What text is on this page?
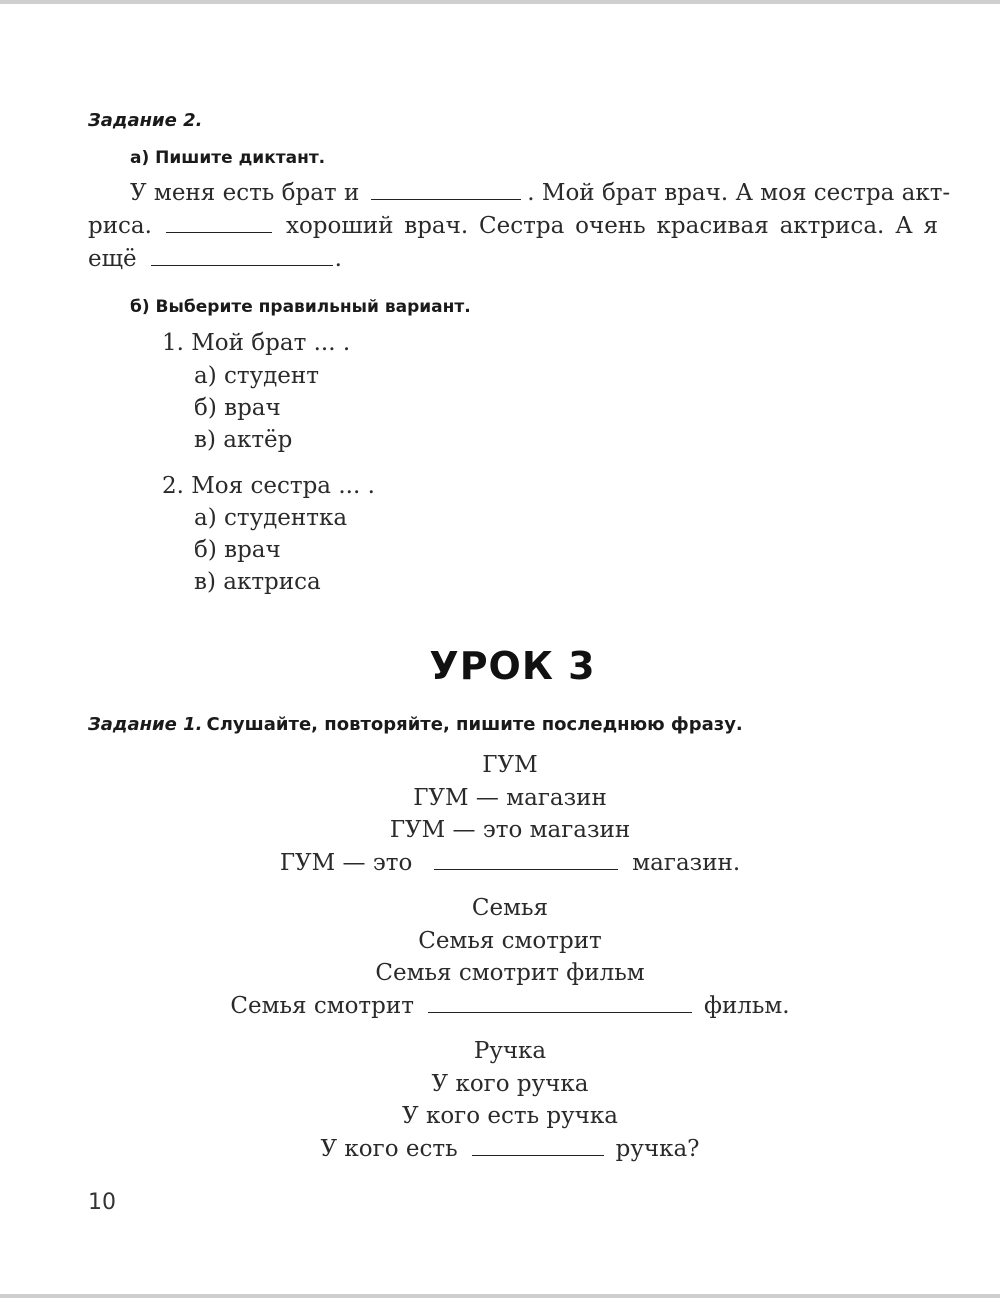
Задание 2.
а) Пишите диктант.
У меня есть брат и	. Мой брат врач. А моя сестра акт-
риса.	хороший врач. Сестра очень красивая актриса. А я
ещё	.
б) Выберите правильный вариант.
1. Мой брат ... .
а) студент
б) врач
в) актёр
2. Моя сестра ... .
а) студентка
б) врач
в) актриса
УРОК 3
Задание 1. Слушайте, повторяйте, пишите последнюю фразу.
ГУМ
ГУМ — магазин
ГУМ — это магазин
ГУМ — это	магазин.
Семья
Семья смотрит
Семья смотрит фильм
Семья смотрит	фильм.
Ручка
У кого ручка
У кого есть ручка
У кого есть	ручка?
10
